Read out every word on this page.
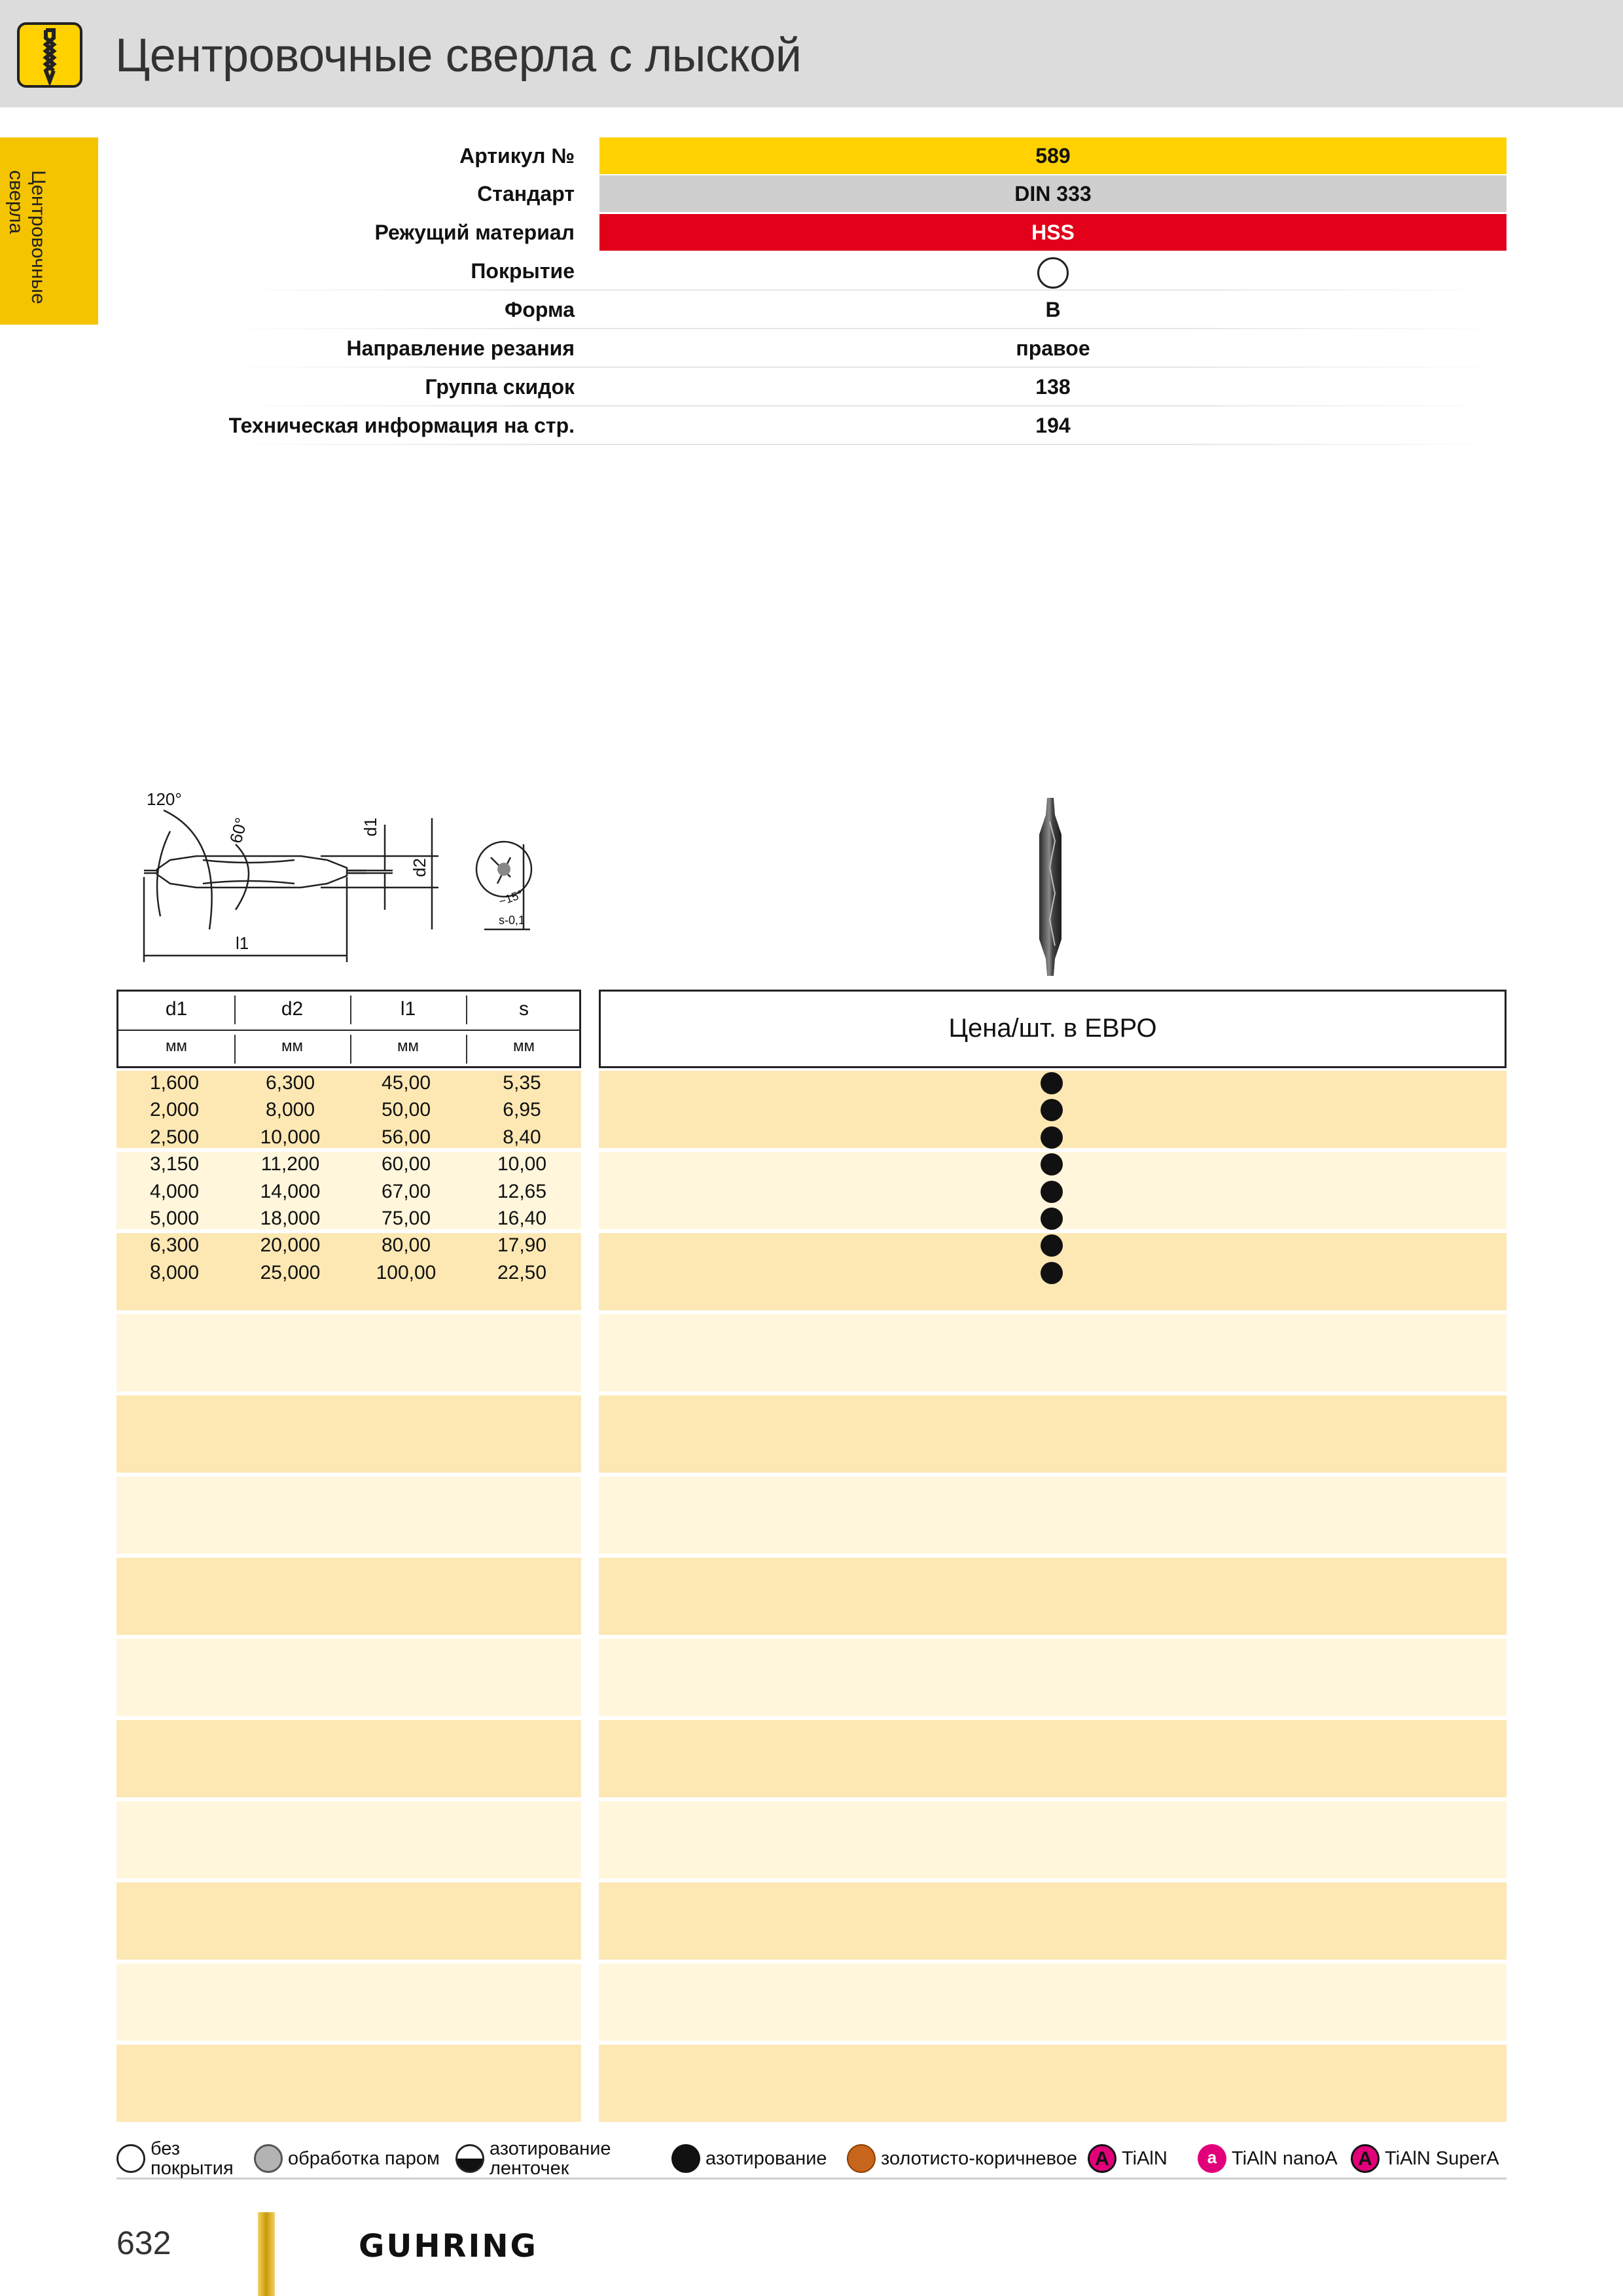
Центровочные сверла с лыской
Центровочные
сверла
Артикул №	589
Стандарт	DIN 333
Режущий материал	HSS
Покрытие
Форма	B
Направление резания	правое
Группа скидок	138
Техническая информация на стр.	194
120°
60°	d1
d2
l1
~15°
s-0,1
d1	d2	l1	s
мм	мм	мм	мм
Цена/шт. в ЕВРО
1,600	6,300	45,00	5,35
2,000	8,000	50,00	6,95
2,500	10,000	56,00	8,40
3,150	11,200	60,00	10,00
4,000	14,000	67,00	12,65
5,000	18,000	75,00	16,40
6,300	20,000	80,00	17,90
8,000	25,000	100,00	22,50
без
покрытия	обработка паром	азотирование
ленточек	азотирование	золотисто-коричневое A TiAlN	a TiAlN nanoA	A TiAlN SuperA
632	GUHRING
